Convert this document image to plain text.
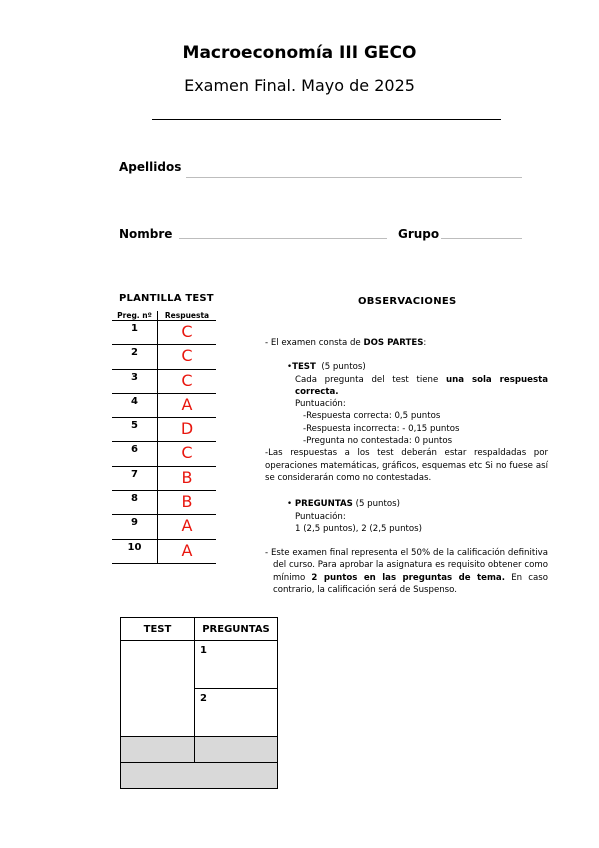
Macroeconomía III GECO
Examen Final. Mayo de 2025
Apellidos
Nombre	Grupo
PLANTILLA TEST
Preg. nº	Respuesta
1	C
2	C
3	C
4	A
5	D
6	C
7	B
8	B
9	A
10	A
OBSERVACIONES

- El examen consta de DOS PARTES:

•TEST  (5 puntos)

Cada pregunta del test tiene una sola respuesta correcta.

Puntuación:

-Respuesta correcta: 0,5 puntos

-Respuesta incorrecta: - 0,15 puntos

-Pregunta no contestada: 0 puntos

-Las respuestas a los test deberán estar respaldadas por operaciones matemáticas, gráficos, esquemas etc Si no fuese así se considerarán como no contestadas.

• PREGUNTAS (5 puntos)

Puntuación:

1 (2,5 puntos), 2 (2,5 puntos)

- Este examen final representa el 50% de la calificación definitiva del curso. Para aprobar la asignatura es requisito obtener como mínimo 2 puntos en las preguntas de tema. En caso contrario, la calificación será de Suspenso.

TEST	PREGUNTAS
	1
	2
